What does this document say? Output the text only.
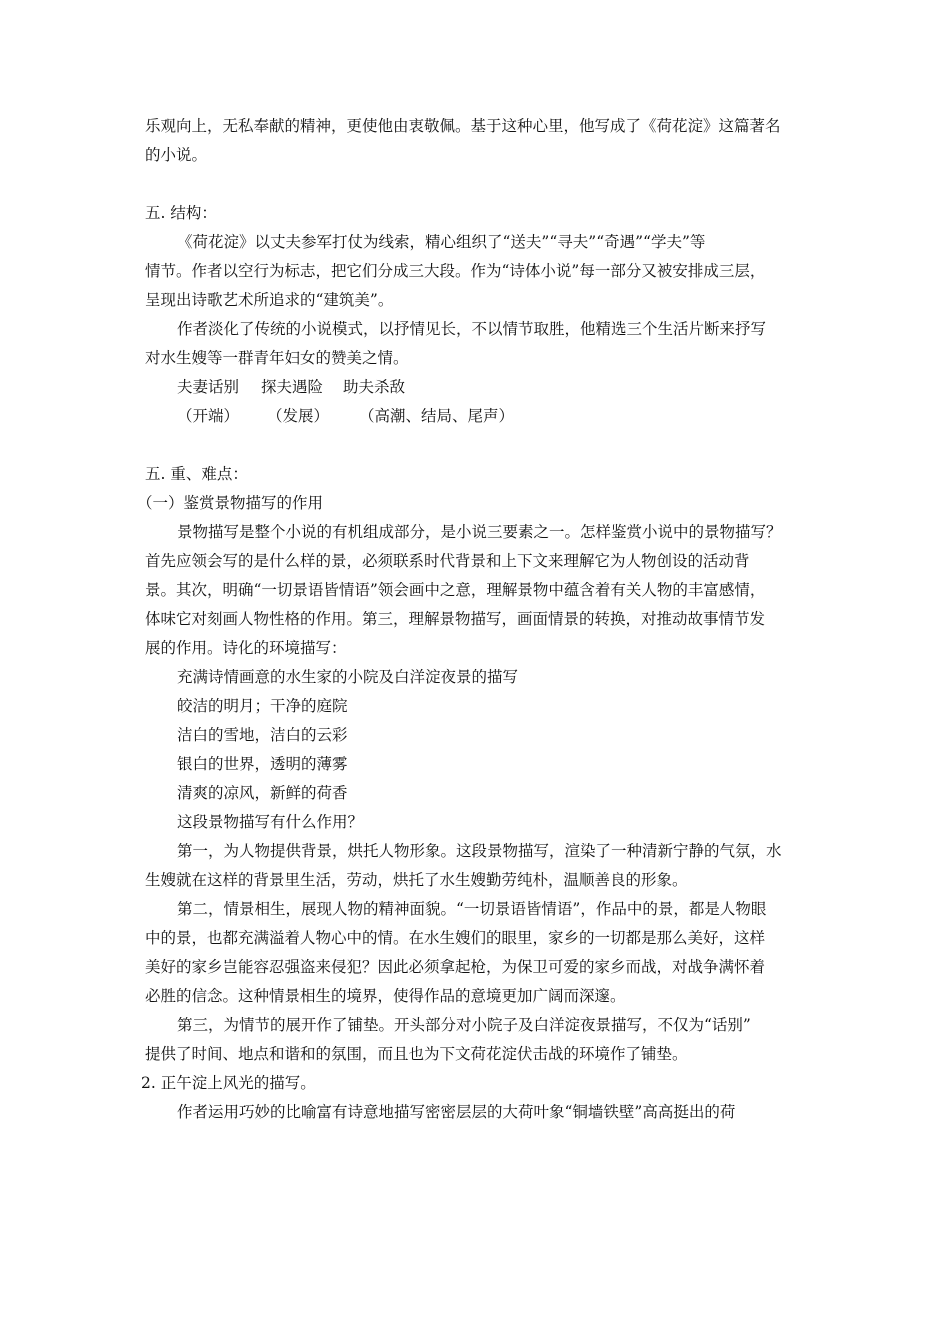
乐观向上，无私奉献的精神，更使他由衷敬佩。基于这种心里，他写成了《荷花淀》这篇著名
的小说。
五. 结构：
《荷花淀》以丈夫参军打仗为线索，精心组织了“送夫”“寻夫”“奇遇”“学夫”等
情节。作者以空行为标志，把它们分成三大段。作为“诗体小说”每一部分又被安排成三层，
呈现出诗歌艺术所追求的“建筑美”。
作者淡化了传统的小说模式，以抒情见长，不以情节取胜，他精选三个生活片断来抒写
对水生嫂等一群青年妇女的赞美之情。
夫妻话别 探夫遇险 助夫杀敌
（开端） （发展） （高潮、结局、尾声）
五. 重、难点：
（一）鉴赏景物描写的作用
景物描写是整个小说的有机组成部分，是小说三要素之一。怎样鉴赏小说中的景物描写？
首先应领会写的是什么样的景，必须联系时代背景和上下文来理解它为人物创设的活动背
景。其次，明确“一切景语皆情语”领会画中之意，理解景物中蕴含着有关人物的丰富感情，
体味它对刻画人物性格的作用。第三，理解景物描写，画面情景的转换，对推动故事情节发
展的作用。诗化的环境描写：
充满诗情画意的水生家的小院及白洋淀夜景的描写
皎洁的明月；干净的庭院
洁白的雪地，洁白的云彩
银白的世界，透明的薄雾
清爽的凉风，新鲜的荷香
这段景物描写有什么作用？
第一，为人物提供背景，烘托人物形象。这段景物描写，渲染了一种清新宁静的气氛，水
生嫂就在这样的背景里生活，劳动，烘托了水生嫂勤劳纯朴，温顺善良的形象。
第二，情景相生，展现人物的精神面貌。“一切景语皆情语”，作品中的景，都是人物眼
中的景，也都充满溢着人物心中的情。在水生嫂们的眼里，家乡的一切都是那么美好，这样
美好的家乡岂能容忍强盗来侵犯？因此必须拿起枪，为保卫可爱的家乡而战，对战争满怀着
必胜的信念。这种情景相生的境界，使得作品的意境更加广阔而深邃。
第三，为情节的展开作了铺垫。开头部分对小院子及白洋淀夜景描写，不仅为“话别”
提供了时间、地点和谐和的氛围，而且也为下文荷花淀伏击战的环境作了铺垫。
2. 正午淀上风光的描写。
作者运用巧妙的比喻富有诗意地描写密密层层的大荷叶象“铜墙铁壁”高高挺出的荷
